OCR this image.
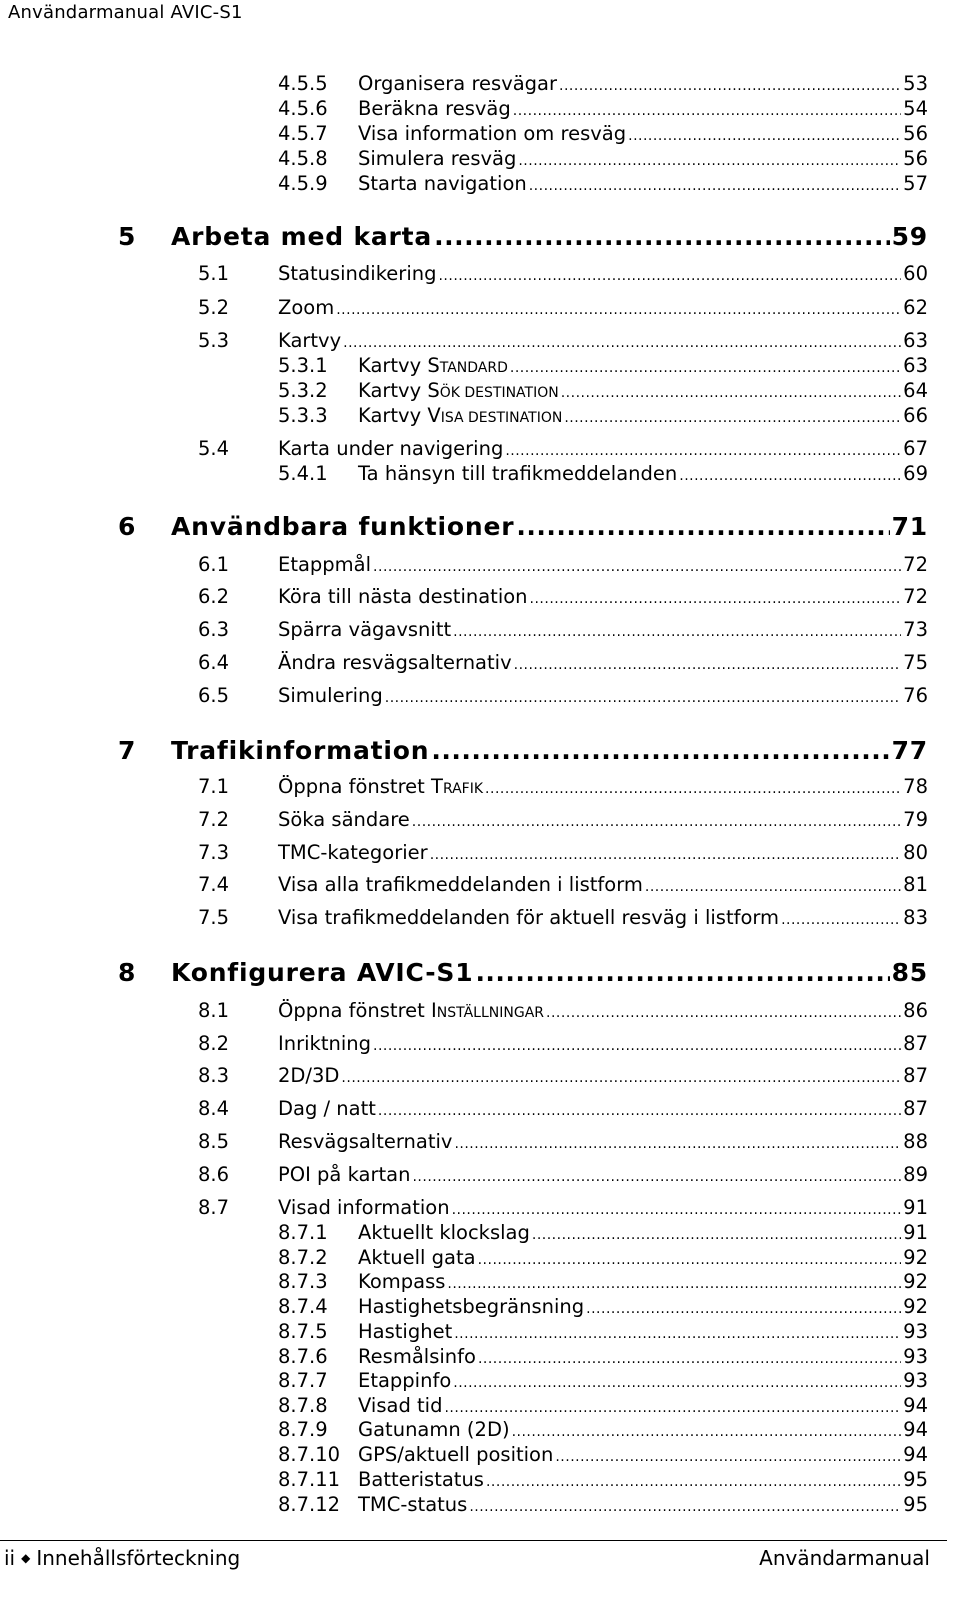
Användarmanual AVIC-S1
4.5.5	Organisera resvägar .....	53
4.5.6	Beräkna resväg .....	54
4.5.7	Visa information om resväg .....	56
4.5.8	Simulera resväg .....	56
4.5.9	Starta navigation .....	57
5	Arbeta med karta .....	59
5.1	Statusindikering .....	60
5.2	Zoom .....	62
5.3	Kartvy .....	63
5.3.1	Kartvy STANDARD .....	63
5.3.2	Kartvy SÖK DESTINATION .....	64
5.3.3	Kartvy VISA DESTINATION .....	66
5.4	Karta under navigering .....	67
5.4.1	Ta hänsyn till trafikmeddelanden .....	69
6	Användbara funktioner .....	71
6.1	Etappmål .....	72
6.2	Köra till nästa destination .....	72
6.3	Spärra vägavsnitt .....	73
6.4	Ändra resvägsalternativ .....	75
6.5	Simulering .....	76
7	Trafikinformation .....	77
7.1	Öppna fönstret TRAFIK .....	78
7.2	Söka sändare .....	79
7.3	TMC-kategorier .....	80
7.4	Visa alla trafikmeddelanden i listform .....	81
7.5	Visa trafikmeddelanden för aktuell resväg i listform .....	83
8	Konfigurera AVIC-S1 .....	85
8.1	Öppna fönstret INSTÄLLNINGAR .....	86
8.2	Inriktning .....	87
8.3	2D/3D .....	87
8.4	Dag / natt .....	87
8.5	Resvägsalternativ .....	88
8.6	POI på kartan .....	89
8.7	Visad information .....	91
8.7.1	Aktuellt klockslag .....	91
8.7.2	Aktuell gata .....	92
8.7.3	Kompass .....	92
8.7.4	Hastighetsbegränsning .....	92
8.7.5	Hastighet .....	93
8.7.6	Resmålsinfo .....	93
8.7.7	Etappinfo .....	93
8.7.8	Visad tid .....	94
8.7.9	Gatunamn (2D) .....	94
8.7.10 GPS/aktuell position .....	94
8.7.11 Batteristatus .....	95
8.7.12 TMC-status .....	95
ii ◆ Innehållsförteckning	Användarmanual
